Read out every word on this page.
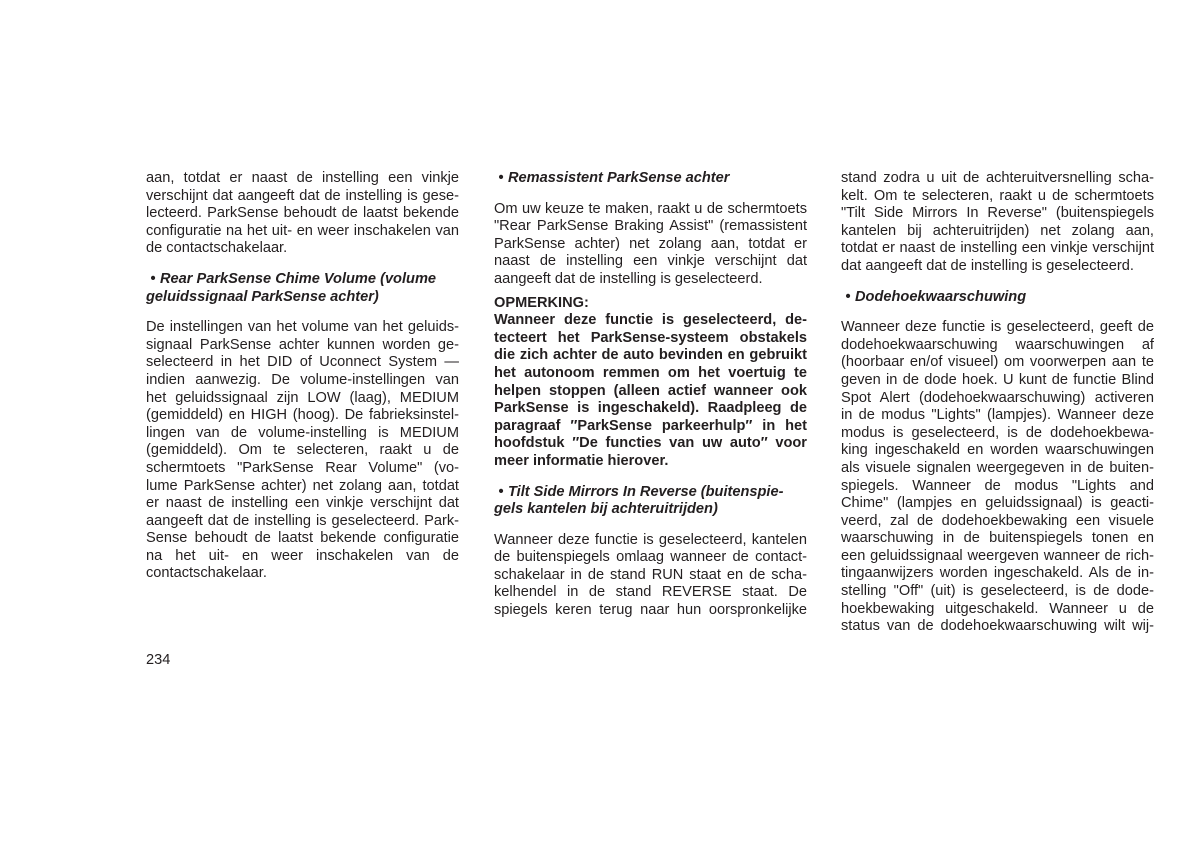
aan, totdat er naast de instelling een vinkje
verschijnt dat aangeeft dat de instelling is gese-
lecteerd. ParkSense behoudt de laatst bekende
configuratie na het uit- en weer inschakelen van
de contactschakelaar.

• Rear ParkSense Chime Volume (volume
geluidssignaal ParkSense achter)

De instellingen van het volume van het geluids-
signaal ParkSense achter kunnen worden ge-
selecteerd in het DID of Uconnect System —
indien aanwezig. De volume-instellingen van
het geluidssignaal zijn LOW (laag), MEDIUM
(gemiddeld) en HIGH (hoog). De fabrieksinstel-
lingen van de volume-instelling is MEDIUM
(gemiddeld). Om te selecteren, raakt u de
schermtoets "ParkSense Rear Volume" (vo-
lume ParkSense achter) net zolang aan, totdat
er naast de instelling een vinkje verschijnt dat
aangeeft dat de instelling is geselecteerd. Park-
Sense behoudt de laatst bekende configuratie
na het uit- en weer inschakelen van de
contactschakelaar.

• Remassistent ParkSense achter

Om uw keuze te maken, raakt u de schermtoets
"Rear ParkSense Braking Assist" (remassistent
ParkSense achter) net zolang aan, totdat er
naast de instelling een vinkje verschijnt dat
aangeeft dat de instelling is geselecteerd.

OPMERKING:

Wanneer deze functie is geselecteerd, de-
tecteert het ParkSense-systeem obstakels
die zich achter de auto bevinden en gebruikt
het autonoom remmen om het voertuig te
helpen stoppen (alleen actief wanneer ook
ParkSense is ingeschakeld). Raadpleeg de
paragraaf ″ParkSense parkeerhulp″ in het
hoofdstuk ″De functies van uw auto″ voor
meer informatie hierover.

• Tilt Side Mirrors In Reverse (buitenspie-
gels kantelen bij achteruitrijden)

Wanneer deze functie is geselecteerd, kantelen
de buitenspiegels omlaag wanneer de contact-
schakelaar in de stand RUN staat en de scha-
kelhendel in de stand REVERSE staat. De
spiegels keren terug naar hun oorspronkelijke

stand zodra u uit de achteruitversnelling scha-
kelt. Om te selecteren, raakt u de schermtoets
"Tilt Side Mirrors In Reverse" (buitenspiegels
kantelen bij achteruitrijden) net zolang aan,
totdat er naast de instelling een vinkje verschijnt
dat aangeeft dat de instelling is geselecteerd.

• Dodehoekwaarschuwing

Wanneer deze functie is geselecteerd, geeft de
dodehoekwaarschuwing waarschuwingen af
(hoorbaar en/of visueel) om voorwerpen aan te
geven in de dode hoek. U kunt de functie Blind
Spot Alert (dodehoekwaarschuwing) activeren
in de modus "Lights" (lampjes). Wanneer deze
modus is geselecteerd, is de dodehoekbewa-
king ingeschakeld en worden waarschuwingen
als visuele signalen weergegeven in de buiten-
spiegels. Wanneer de modus "Lights and
Chime" (lampjes en geluidssignaal) is geacti-
veerd, zal de dodehoekbewaking een visuele
waarschuwing in de buitenspiegels tonen en
een geluidssignaal weergeven wanneer de rich-
tingaanwijzers worden ingeschakeld. Als de in-
stelling "Off" (uit) is geselecteerd, is de dode-
hoekbewaking uitgeschakeld. Wanneer u de
status van de dodehoekwaarschuwing wilt wij-

234
